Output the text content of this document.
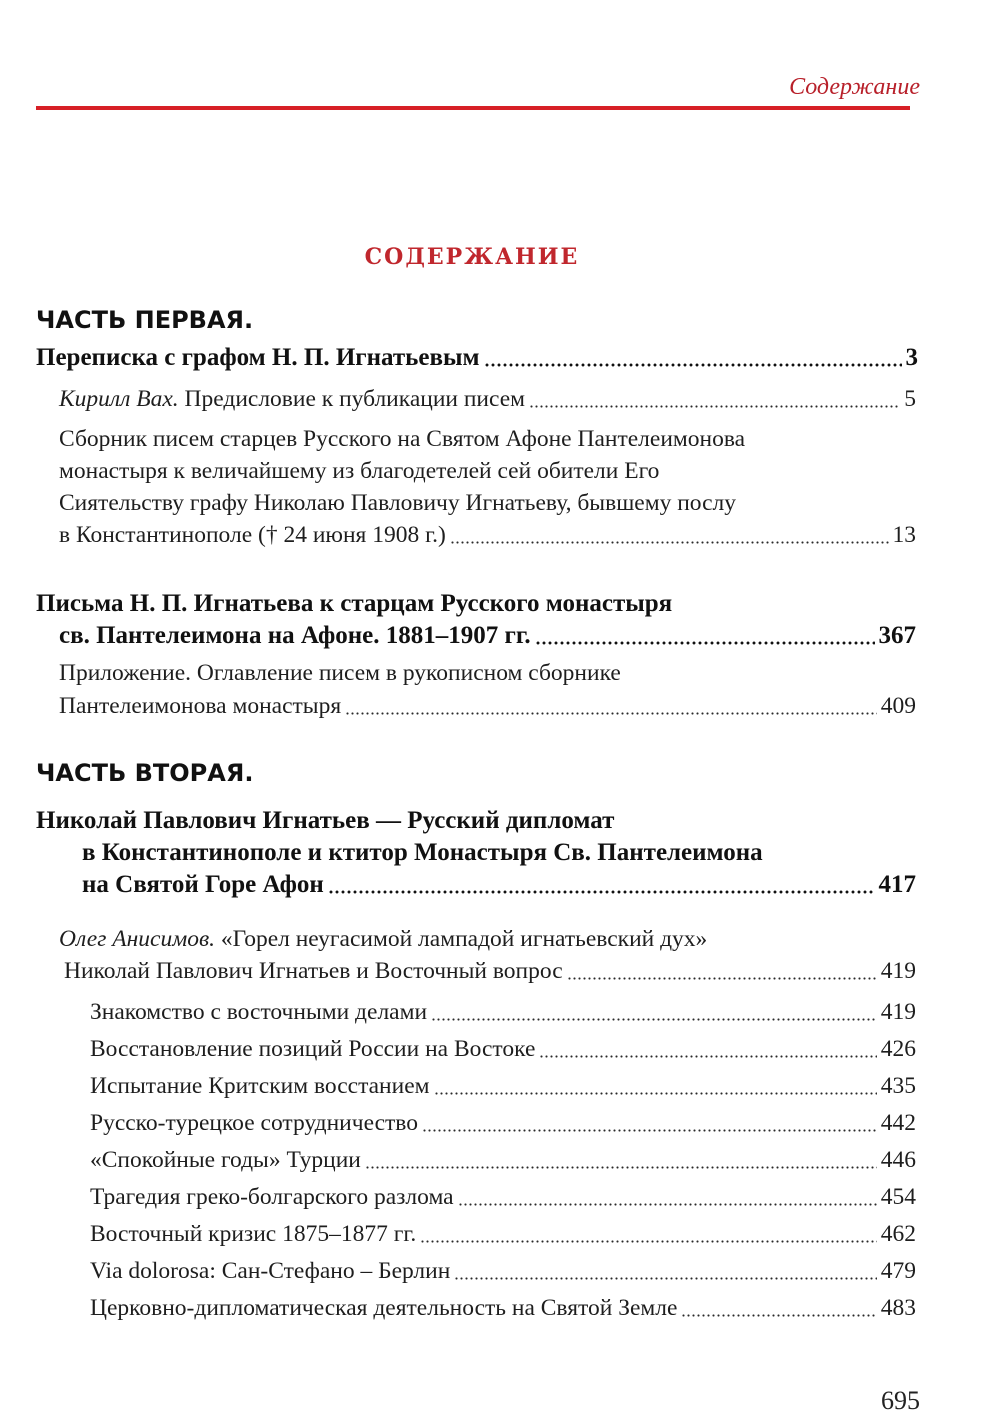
Содержание
СОДЕРЖАНИЕ
ЧАСТЬ ПЕРВАЯ.
Переписка с графом Н. П. Игнатьевым	3
Кирилл Вах. Предисловие к публикации писем	5
Сборник писем старцев Русского на Святом Афоне Пантелеимонова
монастыря к величайшему из благодетелей сей обители Его
Сиятельству графу Николаю Павловичу Игнатьеву, бывшему послу
в Константинополе († 24 июня 1908 г.)	13
Письма Н. П. Игнатьева к старцам Русского монастыря
св. Пантелеимона на Афоне. 1881–1907 гг.	367
Приложение. Оглавление писем в рукописном сборнике
Пантелеимонова монастыря	409
ЧАСТЬ ВТОРАЯ.
Николай Павлович Игнатьев — Русский дипломат
в Константинополе и ктитор Монастыря Св. Пантелеимона
на Святой Горе Афон	417
Олег Анисимов. «Горел неугасимой лампадой игнатьевский дух»
Николай Павлович Игнатьев и Восточный вопрос	419
Знакомство с восточными делами	419
Восстановление позиций России на Востоке	426
Испытание Критским восстанием	435
Русско-турецкое сотрудничество	442
«Спокойные годы» Турции	446
Трагедия греко-болгарского разлома	454
Восточный кризис 1875–1877 гг.	462
Via dolorosa: Сан-Стефано – Берлин	479
Церковно-дипломатическая деятельность на Святой Земле	483
695
